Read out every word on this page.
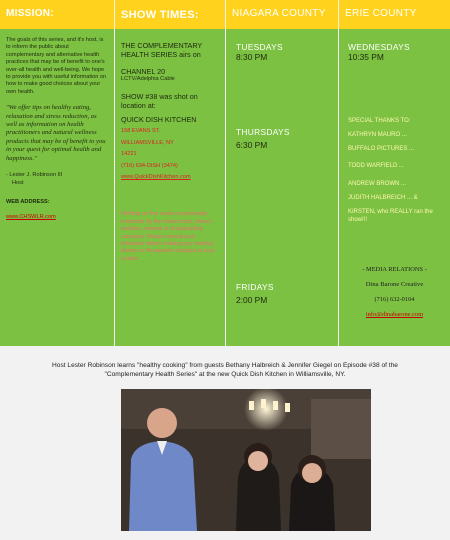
MISSION:
The goals of this series, and it's host, is to inform the public about complementary and alternative health practices that may be of benefit to one's over-all health and well-being. We hope to provide you with useful information on how to make good choices about your own health.
"We offer tips on healthy eating, relaxation and stress reduction, as well as information on health practitioners and natural wellness products that may be of benefit to you in your quest for optimal health and happiness."
- Lester J. Robinson III
Host
WEB ADDRESS:
www.CHSWLR.com
SHOW TIMES:
THE COMPLEMENTARY HEALTH SERIES airs on
CHANNEL 20
LCTV/Adelphia Cable
SHOW #38 was shot on location at:
QUICK DISH KITCHEN
158 EVANS ST.
WILLIAMSVILLE, NY
14221
(716) 634-DISH (3474)
www.QuickDishKitchen.com
Nothing on this series is personally endorsed by the show's host, show's website, network or broadcasting company. Please consult your physician before making any medical, dietary or therapeutic changes to your routine.
NIAGARA COUNTY
TUESDAYS
8:30 PM
THURSDAYS
6:30 PM
FRIDAYS
2:00 PM
ERIE COUNTY
WEDNESDAYS
10:35 PM
SPECIAL THANKS TO:
KATHRYN MAURO ...
BUFFALO PICTURES ...
TODD WARFIELD ...
ANDREW BROWN ...
JUDITH HALBREICH ... &
KIRSTEN, who REALLY ran the show!!!
- MEDIA RELATIONS -
Dina Barone Creative
(716) 632-0104
info@dinabarone.com
Host Lester Robinson learns "healthy cooking" from guests Bethany Halbreich & Jennifer Giegel on Episode #38 of the
"Complementary Health Series" at the new Quick Dish Kitchen in Williamsville, NY.
